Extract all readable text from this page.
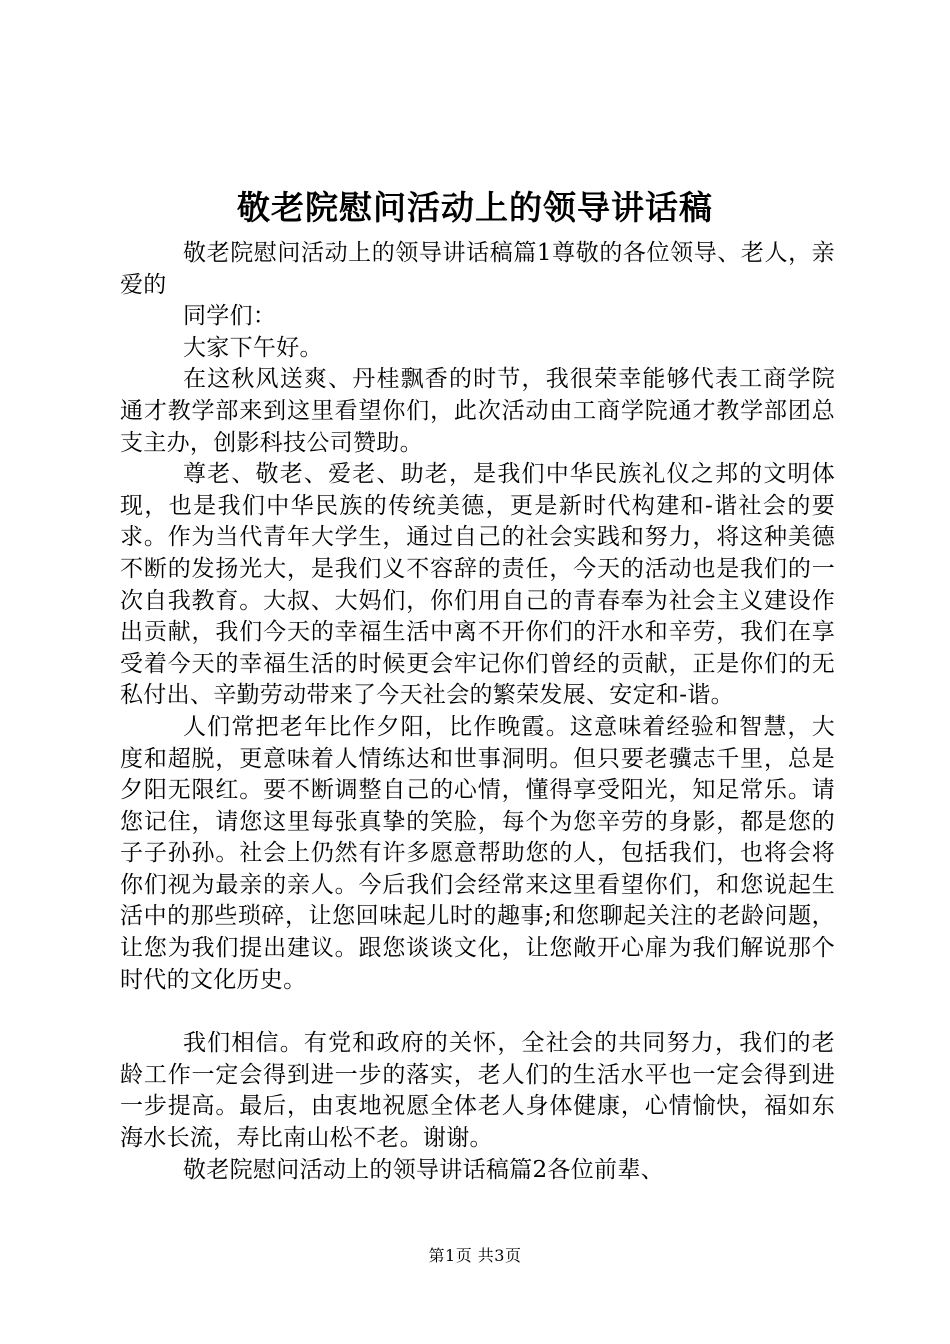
敬老院慰问活动上的领导讲话稿

敬老院慰问活动上的领导讲话稿篇1尊敬的各位领导、老人，亲爱的

同学们：

大家下午好。

在这秋风送爽、丹桂飘香的时节，我很荣幸能够代表工商学院通才教学部来到这里看望你们，此次活动由工商学院通才教学部团总支主办，创影科技公司赞助。

尊老、敬老、爱老、助老，是我们中华民族礼仪之邦的文明体现，也是我们中华民族的传统美德，更是新时代构建和-谐社会的要求。作为当代青年大学生，通过自己的社会实践和努力，将这种美德不断的发扬光大，是我们义不容辞的责任，今天的活动也是我们的一次自我教育。大叔、大妈们，你们用自己的青春奉为社会主义建设作出贡献，我们今天的幸福生活中离不开你们的汗水和辛劳，我们在享受着今天的幸福生活的时候更会牢记你们曾经的贡献，正是你们的无私付出、辛勤劳动带来了今天社会的繁荣发展、安定和-谐。

人们常把老年比作夕阳，比作晚霞。这意味着经验和智慧，大度和超脱，更意味着人情练达和世事洞明。但只要老骥志千里，总是夕阳无限红。要不断调整自己的心情，懂得享受阳光，知足常乐。请您记住，请您这里每张真挚的笑脸，每个为您辛劳的身影，都是您的子子孙孙。社会上仍然有许多愿意帮助您的人，包括我们，也将会将你们视为最亲的亲人。今后我们会经常来这里看望你们，和您说起生活中的那些琐碎，让您回味起儿时的趣事;和您聊起关注的老龄问题，让您为我们提出建议。跟您谈谈文化，让您敞开心扉为我们解说那个时代的文化历史。

我们相信。有党和政府的关怀，全社会的共同努力，我们的老龄工作一定会得到进一步的落实，老人们的生活水平也一定会得到进一步提高。最后，由衷地祝愿全体老人身体健康，心情愉快，福如东海水长流，寿比南山松不老。谢谢。

敬老院慰问活动上的领导讲话稿篇2各位前辈、

第1页 共3页
